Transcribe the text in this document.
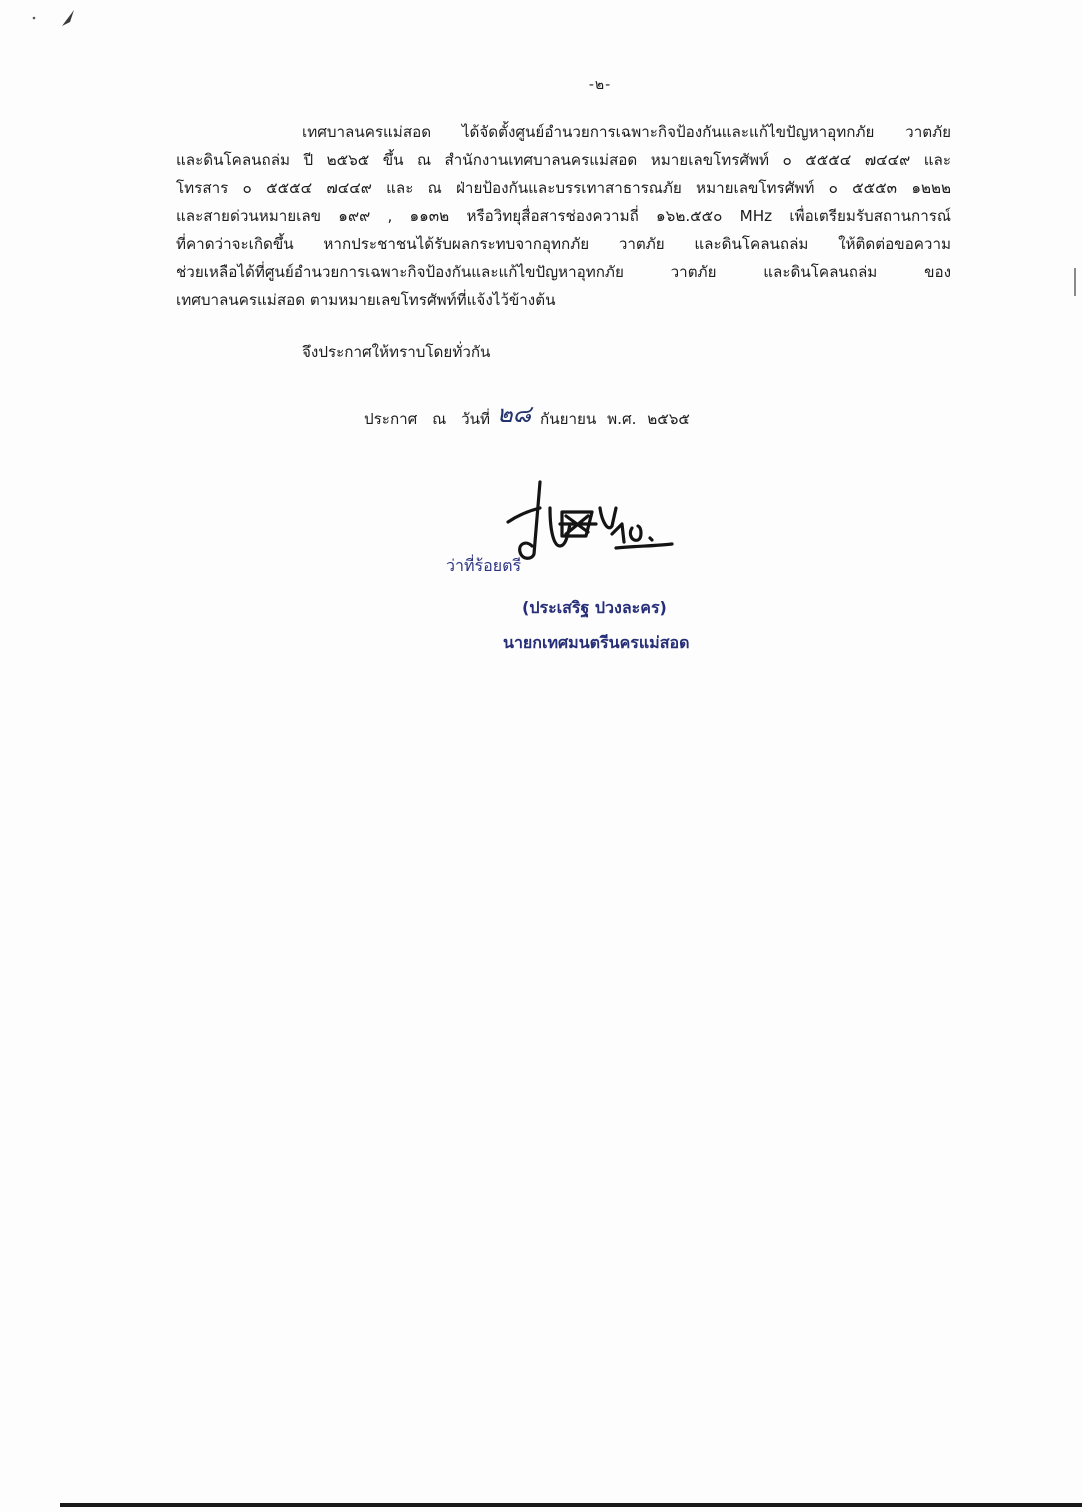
-๒-
เทศบาลนครแม่สอด ได้จัดตั้งศูนย์อำนวยการเฉพาะกิจป้องกันและแก้ไขปัญหาอุทกภัย วาตภัย
และดินโคลนถล่ม ปี ๒๕๖๕ ขึ้น ณ สำนักงานเทศบาลนครแม่สอด หมายเลขโทรศัพท์ ๐ ๕๕๕๔ ๗๔๔๙ และ
โทรสาร ๐ ๕๕๕๔ ๗๔๔๙ และ ณ ฝ่ายป้องกันและบรรเทาสาธารณภัย หมายเลขโทรศัพท์ ๐ ๕๕๕๓ ๑๒๒๒
และสายด่วนหมายเลข ๑๙๙ , ๑๑๓๒ หรือวิทยุสื่อสารช่องความถี่ ๑๖๒.๕๕๐ MHz เพื่อเตรียมรับสถานการณ์
ที่คาดว่าจะเกิดขึ้น หากประชาชนได้รับผลกระทบจากอุทกภัย วาตภัย และดินโคลนถล่ม ให้ติดต่อขอความ
ช่วยเหลือได้ที่ศูนย์อำนวยการเฉพาะกิจป้องกันและแก้ไขปัญหาอุทกภัย วาตภัย และดินโคลนถล่ม ของ
เทศบาลนครแม่สอด ตามหมายเลขโทรศัพท์ที่แจ้งไว้ข้างต้น
จึงประกาศให้ทราบโดยทั่วกัน
ประกาศ ณ วันที่ ๒๘ กันยายน พ.ศ. ๒๕๖๕
ว่าที่ร้อยตรี
(ประเสริฐ ปวงละคร)
นายกเทศมนตรีนครแม่สอด
